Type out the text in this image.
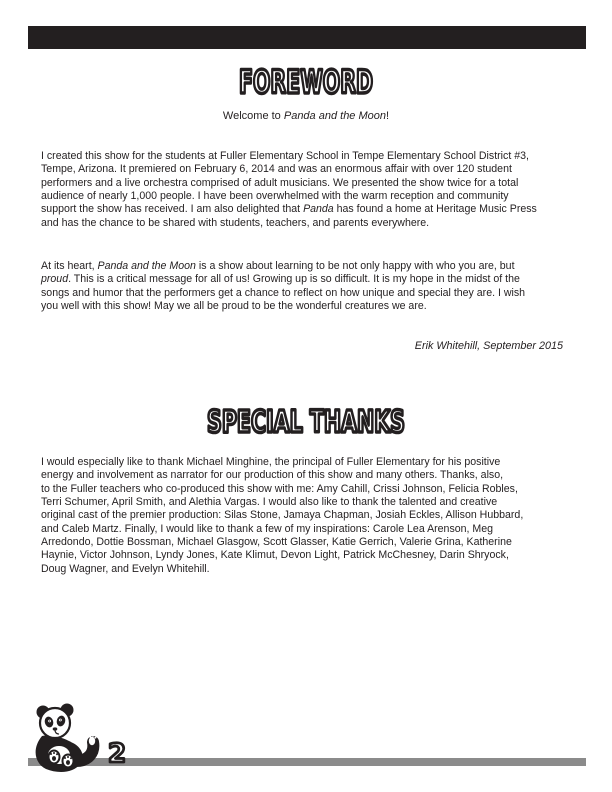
FOREWORD
Welcome to Panda and the Moon!
I created this show for the students at Fuller Elementary School in Tempe Elementary School District #3,
Tempe, Arizona. It premiered on February 6, 2014 and was an enormous affair with over 120 student
performers and a live orchestra comprised of adult musicians. We presented the show twice for a total
audience of nearly 1,000 people. I have been overwhelmed with the warm reception and community
support the show has received. I am also delighted that Panda has found a home at Heritage Music Press
and has the chance to be shared with students, teachers, and parents everywhere.
At its heart, Panda and the Moon is a show about learning to be not only happy with who you are, but
proud. This is a critical message for all of us! Growing up is so difficult. It is my hope in the midst of the
songs and humor that the performers get a chance to reflect on how unique and special they are. I wish
you well with this show! May we all be proud to be the wonderful creatures we are.
Erik Whitehill, September 2015
SPECIAL THANKS
I would especially like to thank Michael Minghine, the principal of Fuller Elementary for his positive
energy and involvement as narrator for our production of this show and many others. Thanks, also,
to the Fuller teachers who co-produced this show with me: Amy Cahill, Crissi Johnson, Felicia Robles,
Terri Schumer, April Smith, and Alethia Vargas. I would also like to thank the talented and creative
original cast of the premier production: Silas Stone, Jamaya Chapman, Josiah Eckles, Allison Hubbard,
and Caleb Martz. Finally, I would like to thank a few of my inspirations: Carole Lea Arenson, Meg
Arredondo, Dottie Bossman, Michael Glasgow, Scott Glasser, Katie Gerrich, Valerie Grina, Katherine
Haynie, Victor Johnson, Lyndy Jones, Kate Klimut, Devon Light, Patrick McChesney, Darin Shryock,
Doug Wagner, and Evelyn Whitehill.
2
